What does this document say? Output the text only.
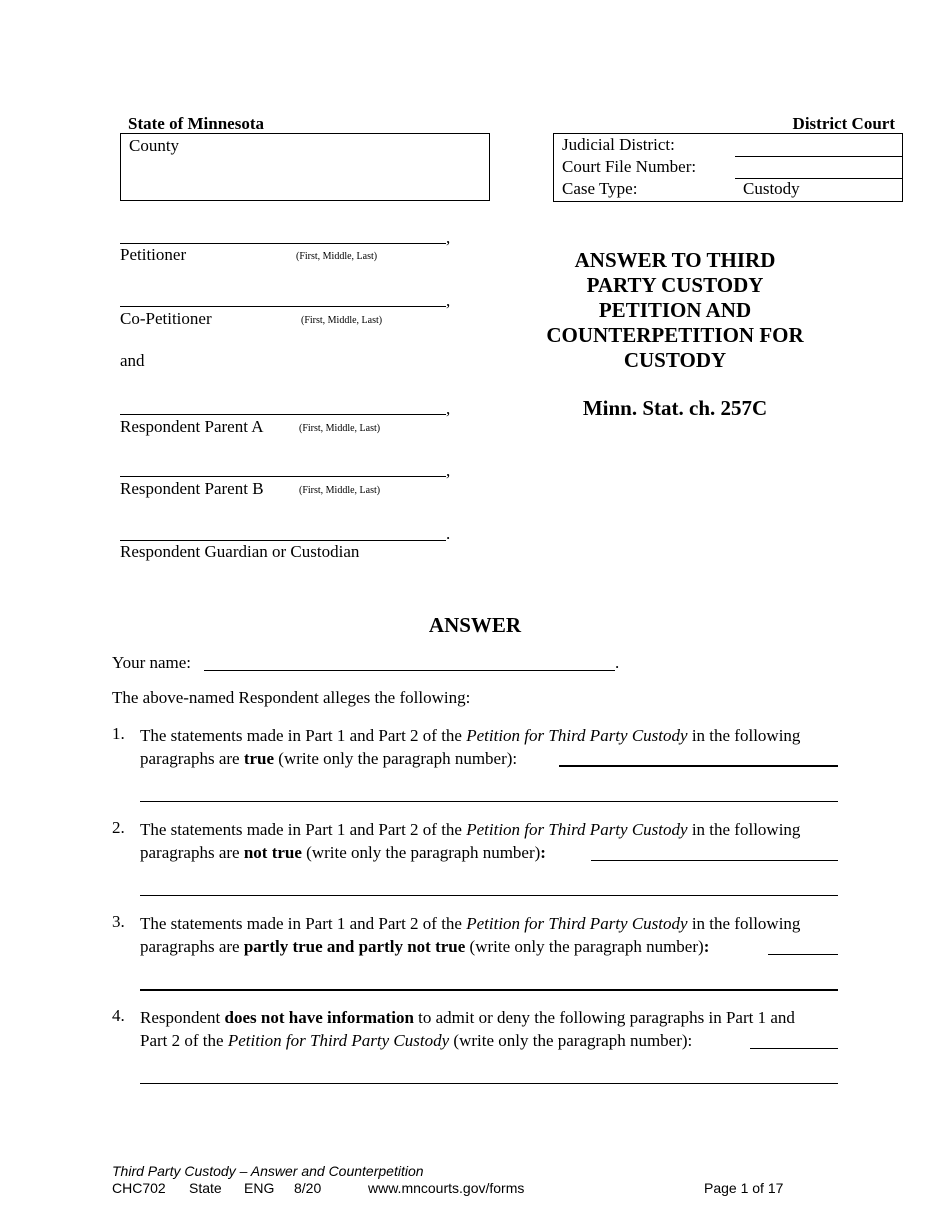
State of Minnesota	District Court
County	Judicial District:
Court File Number:
Case Type:	Custody
,
Petitioner	(First, Middle, Last)
,
Co-Petitioner	(First, Middle, Last)
and
,
Respondent Parent A	(First, Middle, Last)
,
Respondent Parent B	(First, Middle, Last)
.
Respondent Guardian or Custodian
ANSWER TO THIRD
PARTY CUSTODY
PETITION AND
COUNTERPETITION FOR
CUSTODY
Minn. Stat. ch. 257C
ANSWER
Your name:	.
The above-named Respondent alleges the following:
1. The statements made in Part 1 and Part 2 of the Petition for Third Party Custody in the following
paragraphs are true (write only the paragraph number):
2. The statements made in Part 1 and Part 2 of the Petition for Third Party Custody in the following
paragraphs are not true (write only the paragraph number):
3. The statements made in Part 1 and Part 2 of the Petition for Third Party Custody in the following
paragraphs are partly true and partly not true (write only the paragraph number):
4. Respondent does not have information to admit or deny the following paragraphs in Part 1 and
Part 2 of the Petition for Third Party Custody (write only the paragraph number):
Third Party Custody – Answer and Counterpetition
CHC702 State ENG 8/20	www.mncourts.gov/forms	Page 1 of 17
